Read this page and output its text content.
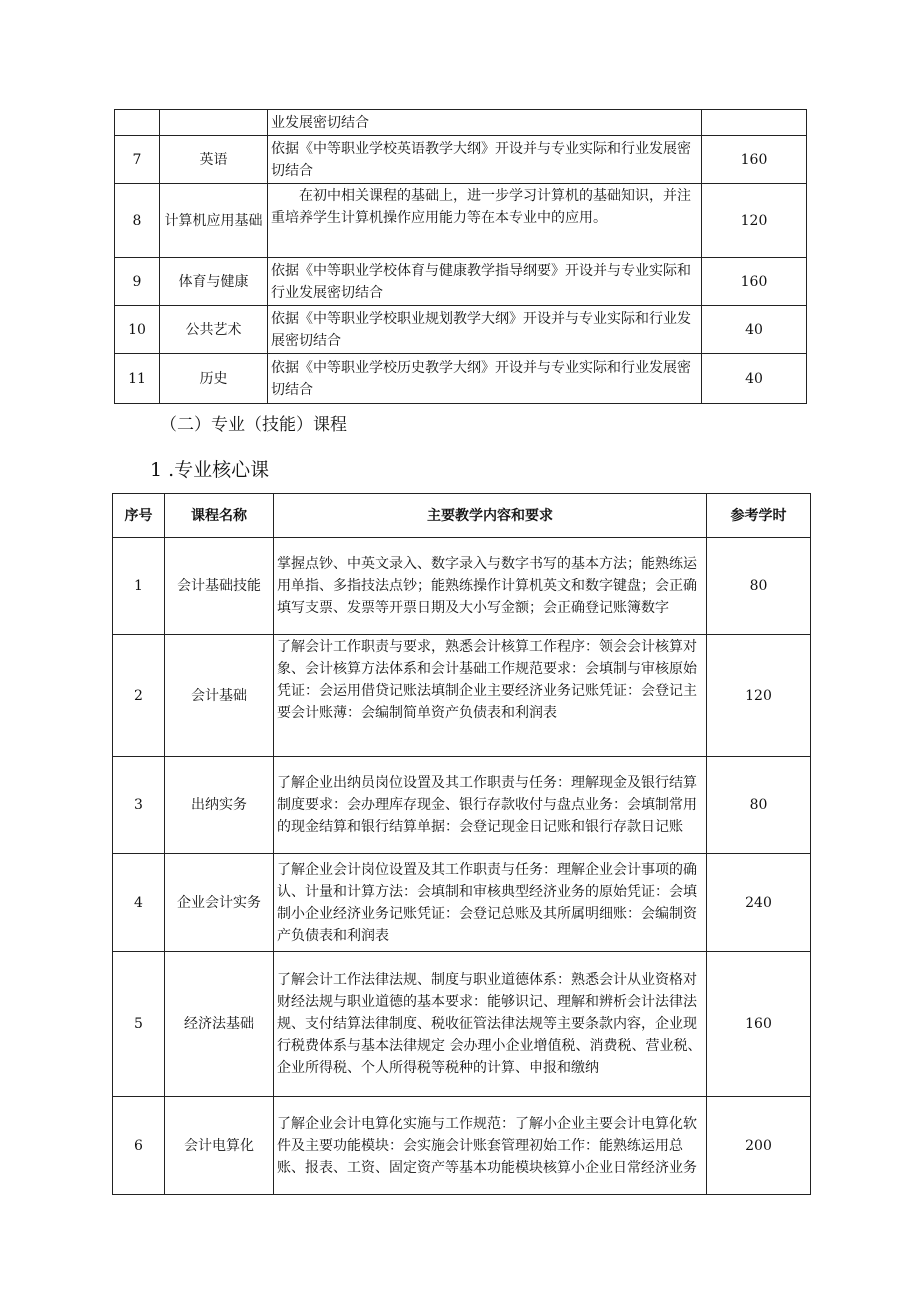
		业发展密切结合	
7	英语	依据《中等职业学校英语教学大纲》开设并与专业实际和行业发展密切结合	160
8	计算机应用基础	在初中相关课程的基础上，进一步学习计算机的基础知识，并注重培养学生计算机操作应用能力等在本专业中的应用。	120
9	体育与健康	依据《中等职业学校体育与健康教学指导纲要》开设并与专业实际和行业发展密切结合	160
10	公共艺术	依据《中等职业学校职业规划教学大纲》开设并与专业实际和行业发展密切结合	40
11	历史	依据《中等职业学校历史教学大纲》开设并与专业实际和行业发展密切结合	40
（二）专业（技能）课程
1 .专业核心课
序号	课程名称	主要教学内容和要求	参考学时
1	会计基础技能	掌握点钞、中英文录入、数字录入与数字书写的基本方法；能熟练运用单指、多指技法点钞；能熟练操作计算机英文和数字键盘；会正确填写支票、发票等开票日期及大小写金额；会正确登记账簿数字	80
2	会计基础	了解会计工作职责与要求，熟悉会计核算工作程序：领会会计核算对象、会计核算方法体系和会计基础工作规范要求：会填制与审核原始凭证：会运用借贷记账法填制企业主要经济业务记账凭证：会登记主要会计账薄：会编制简单资产负债表和利润表	120
3	出纳实务	了解企业出纳员岗位设置及其工作职责与任务：理解现金及银行结算制度要求：会办理库存现金、银行存款收付与盘点业务：会填制常用的现金结算和银行结算单据：会登记现金日记账和银行存款日记账	80
4	企业会计实务	了解企业会计岗位设置及其工作职责与任务：理解企业会计事项的确认、计量和计算方法：会填制和审核典型经济业务的原始凭证：会填制小企业经济业务记账凭证：会登记总账及其所属明细账：会编制资产负债表和利润表	240
5	经济法基础	了解会计工作法律法规、制度与职业道德体系：熟悉会计从业资格对财经法规与职业道德的基本要求：能够识记、理解和辨析会计法律法规、支付结算法律制度、税收征管法律法规等主要条款内容，企业现行税费体系与基本法律规定 会办理小企业增值税、消费税、营业税、企业所得税、个人所得税等税种的计算、申报和缴纳	160
6	会计电算化	了解企业会计电算化实施与工作规范：了解小企业主要会计电算化软件及主要功能模块：会实施会计账套管理初始工作：能熟练运用总账、报表、工资、固定资产等基本功能模块核算小企业日常经济业务	200
